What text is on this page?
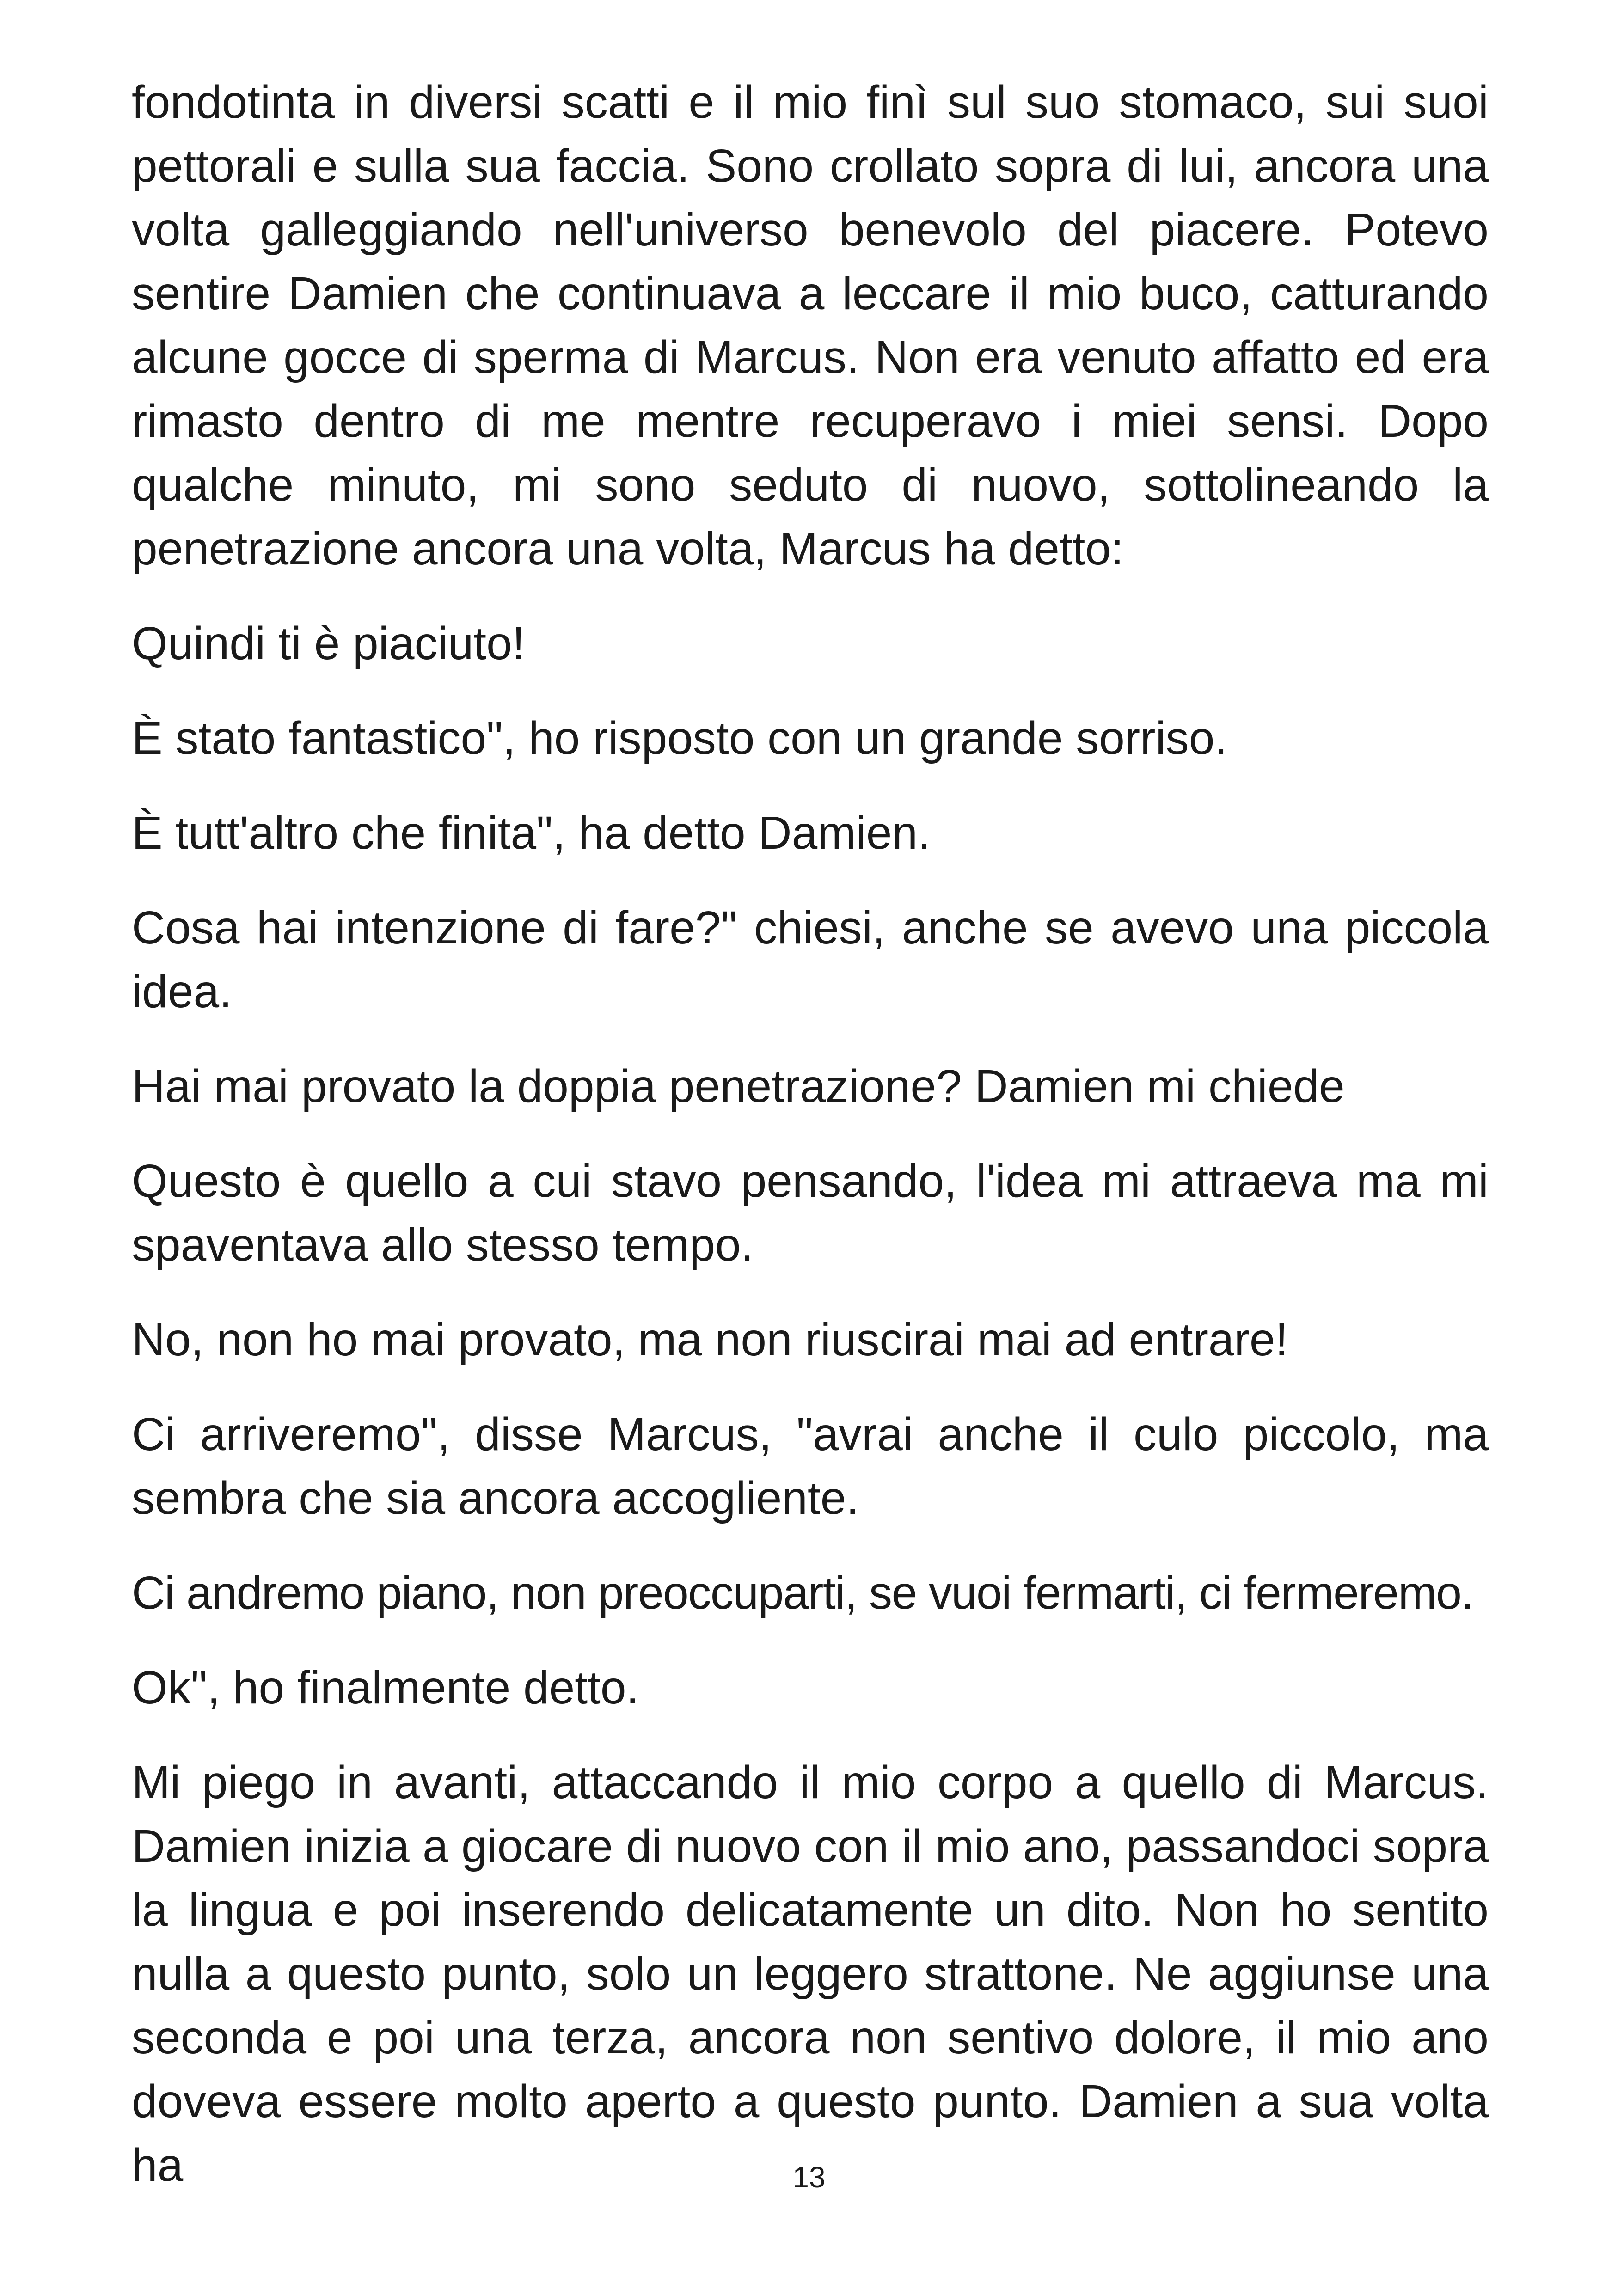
fondotinta in diversi scatti e il mio finì sul suo stomaco, sui suoi pettorali e sulla sua faccia. Sono crollato sopra di lui, ancora una volta galleggiando nell'universo benevolo del piacere. Potevo sentire Damien che continuava a leccare il mio buco, catturando alcune gocce di sperma di Marcus. Non era venuto affatto ed era rimasto dentro di me mentre recuperavo i miei sensi. Dopo qualche minuto, mi sono seduto di nuovo, sottolineando la penetrazione ancora una volta, Marcus ha detto:

Quindi ti è piaciuto!

È stato fantastico", ho risposto con un grande sorriso.

È tutt'altro che finita", ha detto Damien.

Cosa hai intenzione di fare?" chiesi, anche se avevo una piccola idea.

Hai mai provato la doppia penetrazione? Damien mi chiede

Questo è quello a cui stavo pensando, l'idea mi attraeva ma mi spaventava allo stesso tempo.

No, non ho mai provato, ma non riuscirai mai ad entrare!

Ci arriveremo", disse Marcus, "avrai anche il culo piccolo, ma sembra che sia ancora accogliente.

Ci andremo piano, non preoccuparti, se vuoi fermarti, ci fermeremo.

Ok", ho finalmente detto.

Mi piego in avanti, attaccando il mio corpo a quello di Marcus. Damien inizia a giocare di nuovo con il mio ano, passandoci sopra la lingua e poi inserendo delicatamente un dito. Non ho sentito nulla a questo punto, solo un leggero strattone. Ne aggiunse una seconda e poi una terza, ancora non sentivo dolore, il mio ano doveva essere molto aperto a questo punto. Damien a sua volta ha	13
